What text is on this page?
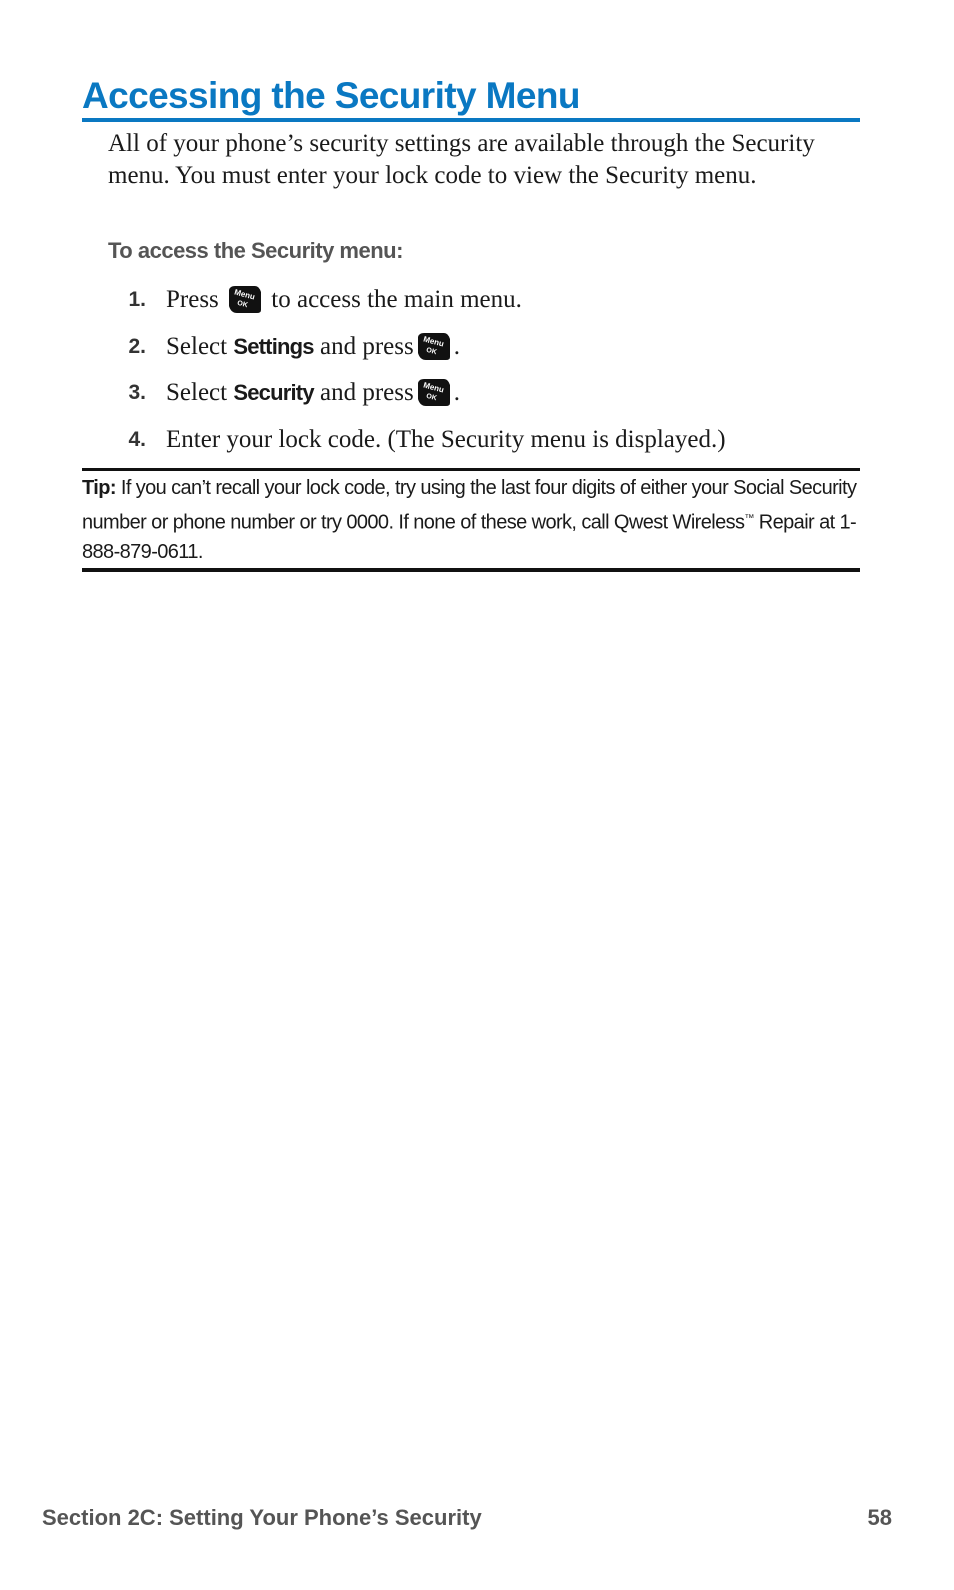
Accessing the Security Menu

All of your phone’s security settings are available through the Security menu. You must enter your lock code to view the Security menu.

To access the Security menu:

1. Press Menu
OK to access the main menu.
2. Select Settings and press Menu
OK .
3. Select Security and press Menu
OK .
4. Enter your lock code. (The Security menu is displayed.)

Tip: If you can’t recall your lock code, try using the last four digits of either your Social Security number or phone number or try 0000. If none of these work, call Qwest Wireless™ Repair at 1-888-879-0611.

Section 2C: Setting Your Phone’s Security	58
